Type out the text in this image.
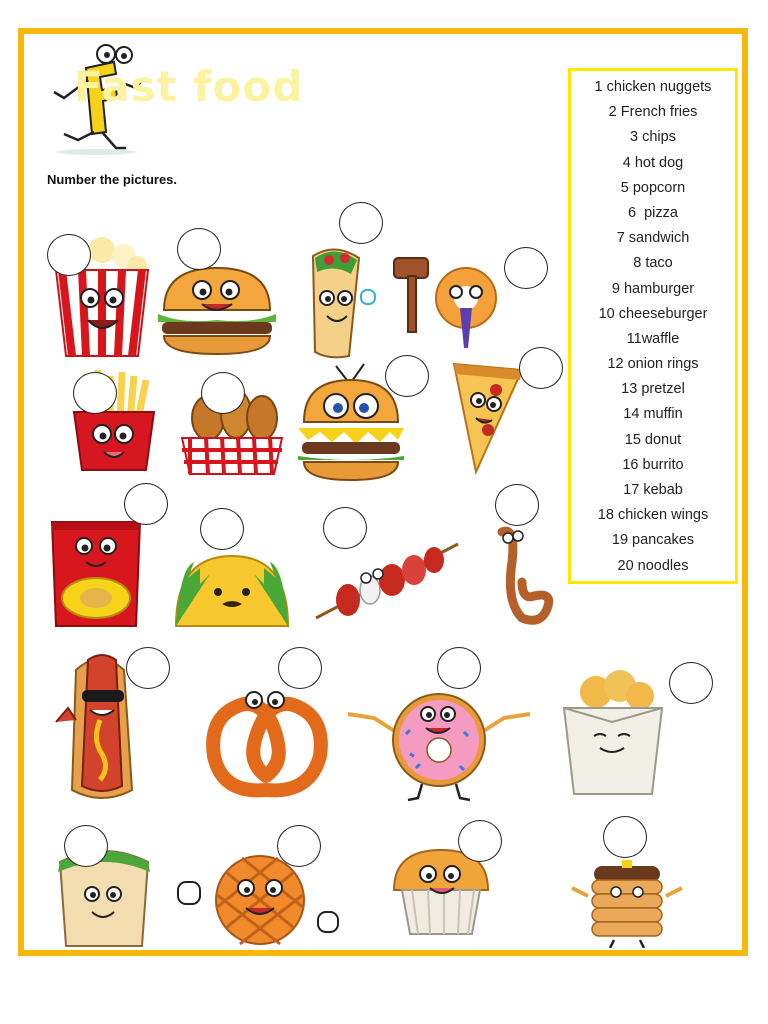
Fast food
Number the pictures.
1 chicken nuggets
2 French fries
3 chips
4 hot dog
5 popcorn
6  pizza
7 sandwich
8 taco
9 hamburger
10 cheeseburger
11waffle
12 onion rings
13 pretzel
14 muffin
15 donut
16 burrito
17 kebab
18 chicken wings
19 pancakes
20 noodles
